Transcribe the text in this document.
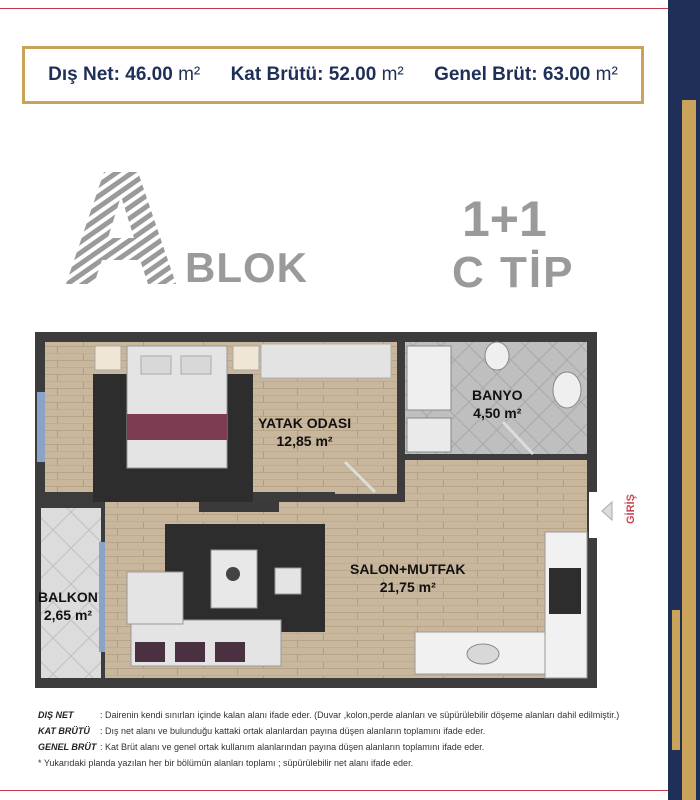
Dış Net: 46.00 m² Kat Brütü: 52.00 m² Genel Brüt: 63.00 m²
A BLOK
1+1
C TİP
YATAK ODASI
12,85 m²
BANYO
4,50 m²
SALON+MUTFAK
21,75 m²
BALKON
2,65 m²
GİRİŞ
DIŞ NET	: Dairenin kendi sınırları içinde kalan alanı ifade eder. (Duvar ,kolon,perde alanları ve süpürülebilir döşeme alanları dahil edilmiştir.)
KAT BRÜTÜ	: Dış net alanı ve bulunduğu kattaki ortak alanlardan payına düşen alanların toplamını ifade eder.
GENEL BRÜT : Kat Brüt alanı ve genel ortak kullanım alanlarından payına düşen alanların toplamını ifade eder.
* Yukarıdaki planda yazılan her bir bölümün alanları toplamı ; süpürülebilir net alanı ifade eder.
